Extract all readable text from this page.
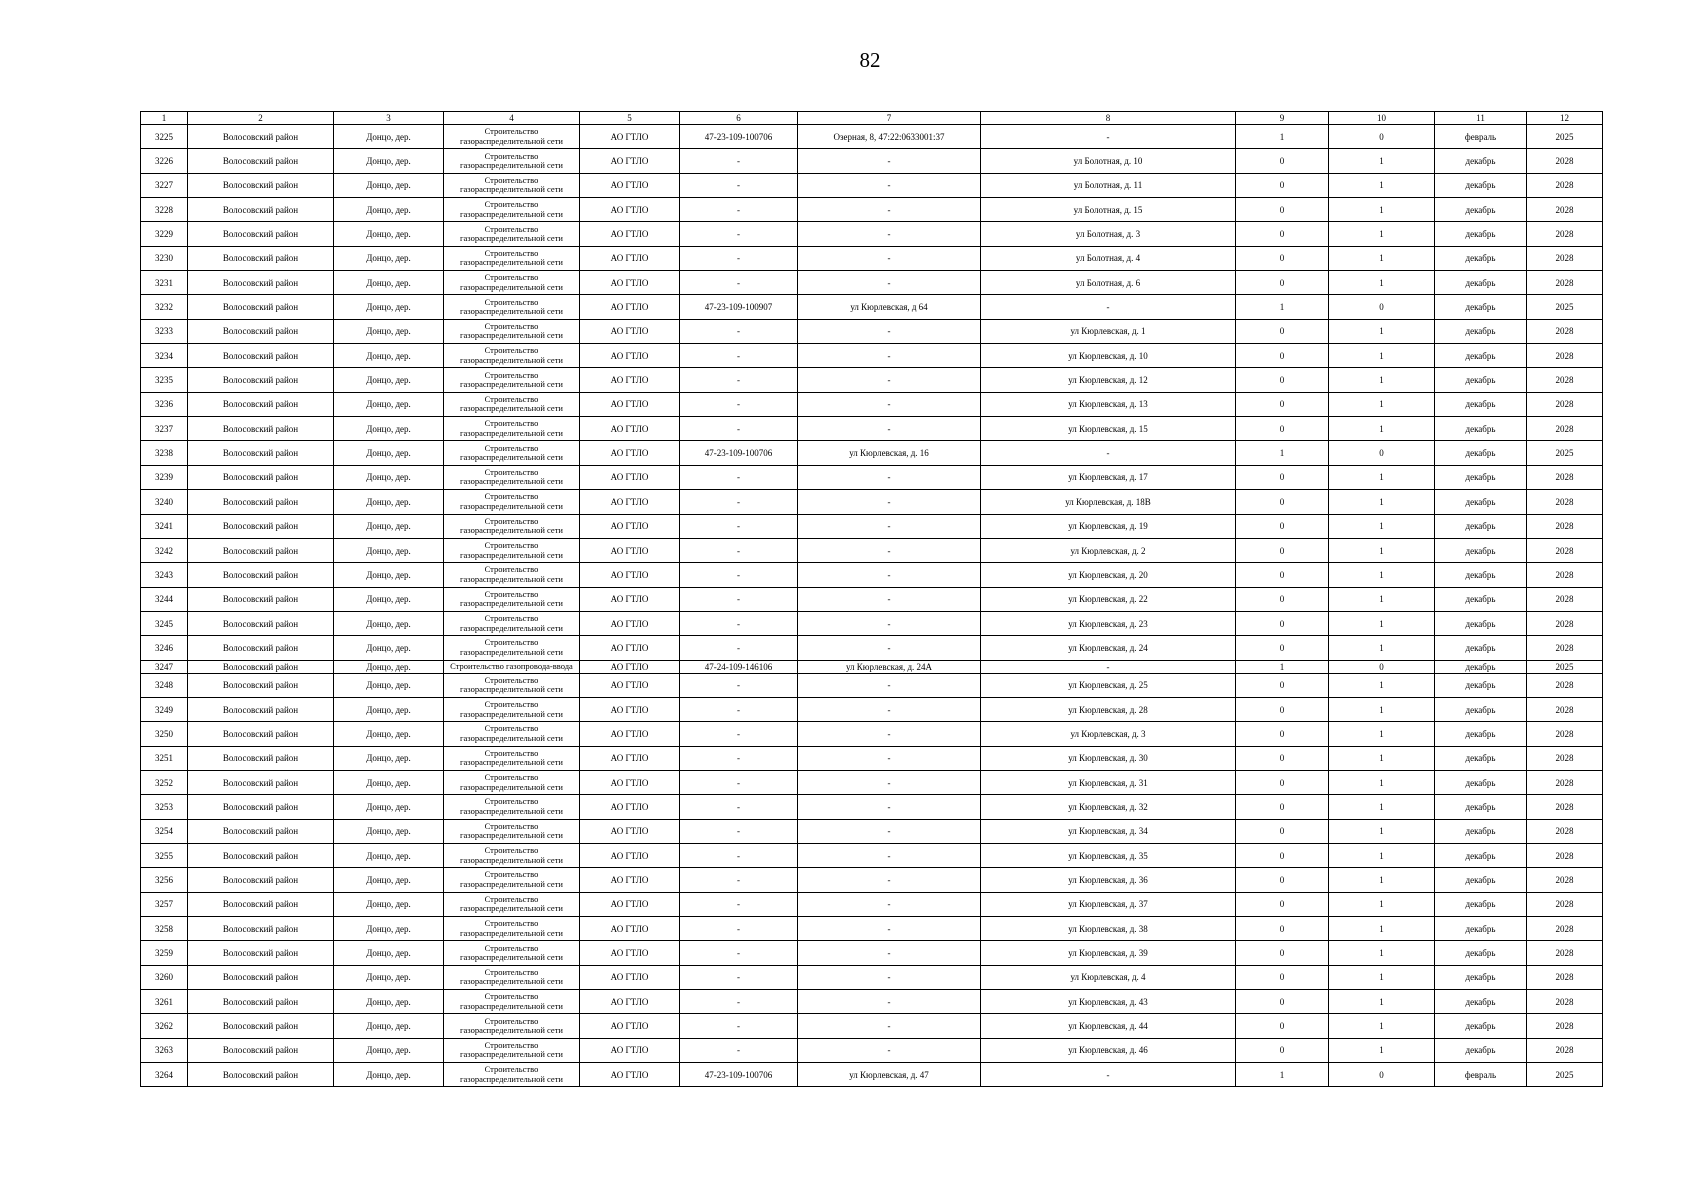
82
1	2	3	4	5	6	7	8	9	10	11	12
3225	Волосовский район	Донцо, дер.	Строительство газораспределительной сети	АО ГТЛО	47-23-109-100706	Озерная, 8, 47:22:0633001:37	-	1	0	февраль	2025
3226	Волосовский район	Донцо, дер.	Строительство газораспределительной сети	АО ГТЛО	-	-	ул Болотная, д. 10	0	1	декабрь	2028
3227	Волосовский район	Донцо, дер.	Строительство газораспределительной сети	АО ГТЛО	-	-	ул Болотная, д. 11	0	1	декабрь	2028
3228	Волосовский район	Донцо, дер.	Строительство газораспределительной сети	АО ГТЛО	-	-	ул Болотная, д. 15	0	1	декабрь	2028
3229	Волосовский район	Донцо, дер.	Строительство газораспределительной сети	АО ГТЛО	-	-	ул Болотная, д. 3	0	1	декабрь	2028
3230	Волосовский район	Донцо, дер.	Строительство газораспределительной сети	АО ГТЛО	-	-	ул Болотная, д. 4	0	1	декабрь	2028
3231	Волосовский район	Донцо, дер.	Строительство газораспределительной сети	АО ГТЛО	-	-	ул Болотная, д. 6	0	1	декабрь	2028
3232	Волосовский район	Донцо, дер.	Строительство газораспределительной сети	АО ГТЛО	47-23-109-100907	ул Кюрлевская, д 64	-	1	0	декабрь	2025
3233	Волосовский район	Донцо, дер.	Строительство газораспределительной сети	АО ГТЛО	-	-	ул Кюрлевская, д. 1	0	1	декабрь	2028
3234	Волосовский район	Донцо, дер.	Строительство газораспределительной сети	АО ГТЛО	-	-	ул Кюрлевская, д. 10	0	1	декабрь	2028
3235	Волосовский район	Донцо, дер.	Строительство газораспределительной сети	АО ГТЛО	-	-	ул Кюрлевская, д. 12	0	1	декабрь	2028
3236	Волосовский район	Донцо, дер.	Строительство газораспределительной сети	АО ГТЛО	-	-	ул Кюрлевская, д. 13	0	1	декабрь	2028
3237	Волосовский район	Донцо, дер.	Строительство газораспределительной сети	АО ГТЛО	-	-	ул Кюрлевская, д. 15	0	1	декабрь	2028
3238	Волосовский район	Донцо, дер.	Строительство газораспределительной сети	АО ГТЛО	47-23-109-100706	ул Кюрлевская, д. 16	-	1	0	декабрь	2025
3239	Волосовский район	Донцо, дер.	Строительство газораспределительной сети	АО ГТЛО	-	-	ул Кюрлевская, д. 17	0	1	декабрь	2028
3240	Волосовский район	Донцо, дер.	Строительство газораспределительной сети	АО ГТЛО	-	-	ул Кюрлевская, д. 18В	0	1	декабрь	2028
3241	Волосовский район	Донцо, дер.	Строительство газораспределительной сети	АО ГТЛО	-	-	ул Кюрлевская, д. 19	0	1	декабрь	2028
3242	Волосовский район	Донцо, дер.	Строительство газораспределительной сети	АО ГТЛО	-	-	ул Кюрлевская, д. 2	0	1	декабрь	2028
3243	Волосовский район	Донцо, дер.	Строительство газораспределительной сети	АО ГТЛО	-	-	ул Кюрлевская, д. 20	0	1	декабрь	2028
3244	Волосовский район	Донцо, дер.	Строительство газораспределительной сети	АО ГТЛО	-	-	ул Кюрлевская, д. 22	0	1	декабрь	2028
3245	Волосовский район	Донцо, дер.	Строительство газораспределительной сети	АО ГТЛО	-	-	ул Кюрлевская, д. 23	0	1	декабрь	2028
3246	Волосовский район	Донцо, дер.	Строительство газораспределительной сети	АО ГТЛО	-	-	ул Кюрлевская, д. 24	0	1	декабрь	2028
3247	Волосовский район	Донцо, дер.	Строительство газопровода-ввода	АО ГТЛО	47-24-109-146106	ул Кюрлевская, д. 24А	-	1	0	декабрь	2025
3248	Волосовский район	Донцо, дер.	Строительство газораспределительной сети	АО ГТЛО	-	-	ул Кюрлевская, д. 25	0	1	декабрь	2028
3249	Волосовский район	Донцо, дер.	Строительство газораспределительной сети	АО ГТЛО	-	-	ул Кюрлевская, д. 28	0	1	декабрь	2028
3250	Волосовский район	Донцо, дер.	Строительство газораспределительной сети	АО ГТЛО	-	-	ул Кюрлевская, д. 3	0	1	декабрь	2028
3251	Волосовский район	Донцо, дер.	Строительство газораспределительной сети	АО ГТЛО	-	-	ул Кюрлевская, д. 30	0	1	декабрь	2028
3252	Волосовский район	Донцо, дер.	Строительство газораспределительной сети	АО ГТЛО	-	-	ул Кюрлевская, д. 31	0	1	декабрь	2028
3253	Волосовский район	Донцо, дер.	Строительство газораспределительной сети	АО ГТЛО	-	-	ул Кюрлевская, д. 32	0	1	декабрь	2028
3254	Волосовский район	Донцо, дер.	Строительство газораспределительной сети	АО ГТЛО	-	-	ул Кюрлевская, д. 34	0	1	декабрь	2028
3255	Волосовский район	Донцо, дер.	Строительство газораспределительной сети	АО ГТЛО	-	-	ул Кюрлевская, д. 35	0	1	декабрь	2028
3256	Волосовский район	Донцо, дер.	Строительство газораспределительной сети	АО ГТЛО	-	-	ул Кюрлевская, д. 36	0	1	декабрь	2028
3257	Волосовский район	Донцо, дер.	Строительство газораспределительной сети	АО ГТЛО	-	-	ул Кюрлевская, д. 37	0	1	декабрь	2028
3258	Волосовский район	Донцо, дер.	Строительство газораспределительной сети	АО ГТЛО	-	-	ул Кюрлевская, д. 38	0	1	декабрь	2028
3259	Волосовский район	Донцо, дер.	Строительство газораспределительной сети	АО ГТЛО	-	-	ул Кюрлевская, д. 39	0	1	декабрь	2028
3260	Волосовский район	Донцо, дер.	Строительство газораспределительной сети	АО ГТЛО	-	-	ул Кюрлевская, д. 4	0	1	декабрь	2028
3261	Волосовский район	Донцо, дер.	Строительство газораспределительной сети	АО ГТЛО	-	-	ул Кюрлевская, д. 43	0	1	декабрь	2028
3262	Волосовский район	Донцо, дер.	Строительство газораспределительной сети	АО ГТЛО	-	-	ул Кюрлевская, д. 44	0	1	декабрь	2028
3263	Волосовский район	Донцо, дер.	Строительство газораспределительной сети	АО ГТЛО	-	-	ул Кюрлевская, д. 46	0	1	декабрь	2028
3264	Волосовский район	Донцо, дер.	Строительство газораспределительной сети	АО ГТЛО	47-23-109-100706	ул Кюрлевская, д. 47	-	1	0	февраль	2025
